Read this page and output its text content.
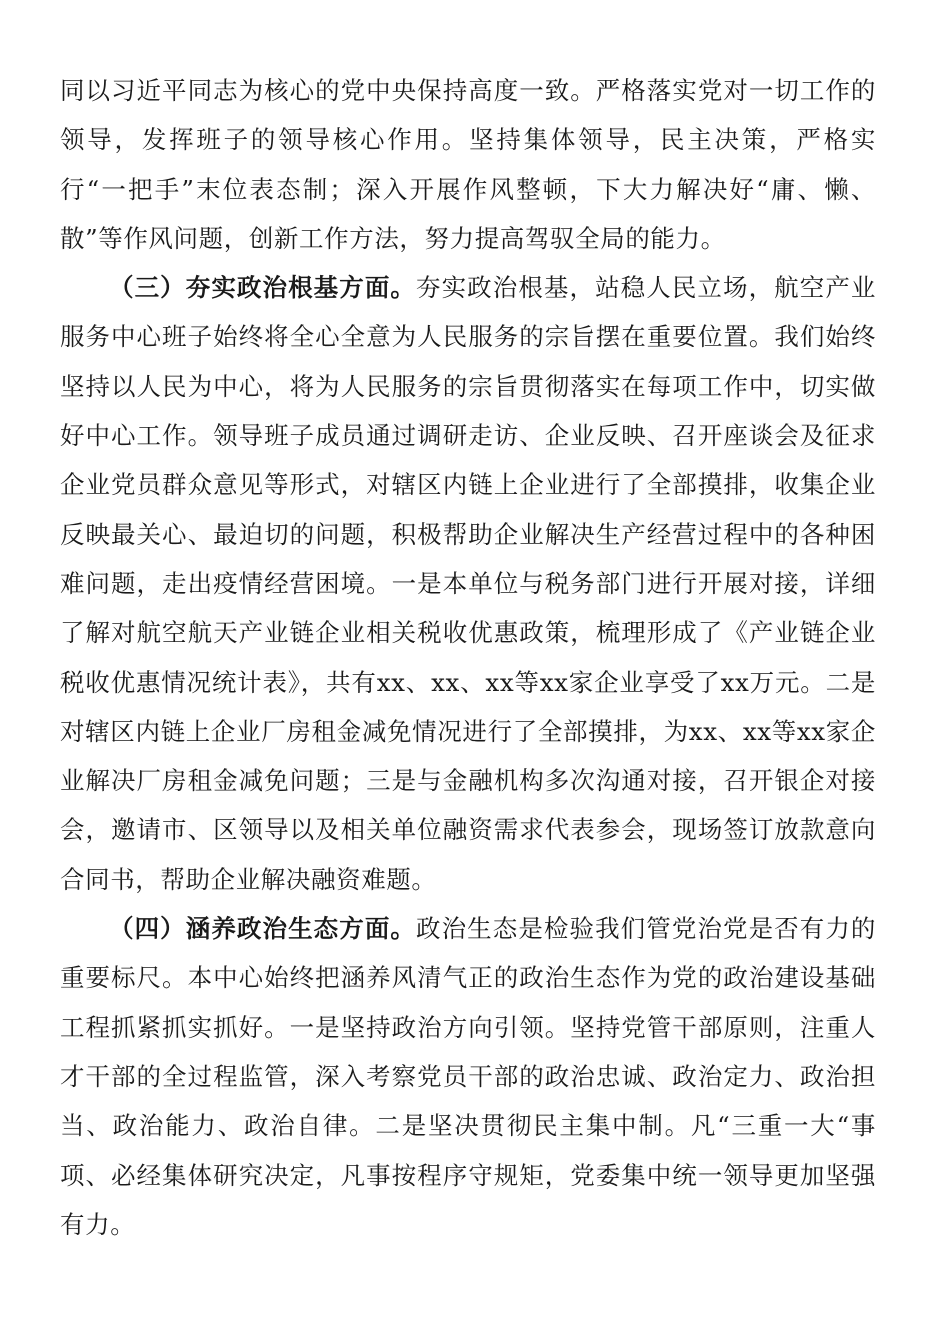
同以习近平同志为核心的党中央保持高度一致。严格落实党对一切工作的领导，发挥班子的领导核心作用。坚持集体领导，民主决策，严格实行“一把手”末位表态制；深入开展作风整顿，下大力解决好“庸、懒、散”等作风问题，创新工作方法，努力提高驾驭全局的能力。

（三）夯实政治根基方面。夯实政治根基，站稳人民立场，航空产业服务中心班子始终将全心全意为人民服务的宗旨摆在重要位置。我们始终坚持以人民为中心，将为人民服务的宗旨贯彻落实在每项工作中，切实做好中心工作。领导班子成员通过调研走访、企业反映、召开座谈会及征求企业党员群众意见等形式，对辖区内链上企业进行了全部摸排，收集企业反映最关心、最迫切的问题，积极帮助企业解决生产经营过程中的各种困难问题，走出疫情经营困境。一是本单位与税务部门进行开展对接，详细了解对航空航天产业链企业相关税收优惠政策，梳理形成了《产业链企业税收优惠情况统计表》，共有xx、xx、xx等xx家企业享受了xx万元。二是对辖区内链上企业厂房租金减免情况进行了全部摸排，为xx、xx等xx家企业解决厂房租金减免问题；三是与金融机构多次沟通对接，召开银企对接会，邀请市、区领导以及相关单位融资需求代表参会，现场签订放款意向合同书，帮助企业解决融资难题。

（四）涵养政治生态方面。政治生态是检验我们管党治党是否有力的重要标尺。本中心始终把涵养风清气正的政治生态作为党的政治建设基础工程抓紧抓实抓好。一是坚持政治方向引领。坚持党管干部原则，注重人才干部的全过程监管，深入考察党员干部的政治忠诚、政治定力、政治担当、政治能力、政治自律。二是坚决贯彻民主集中制。凡“三重一大“事项、必经集体研究决定，凡事按程序守规矩，党委集中统一领导更加坚强有力。
